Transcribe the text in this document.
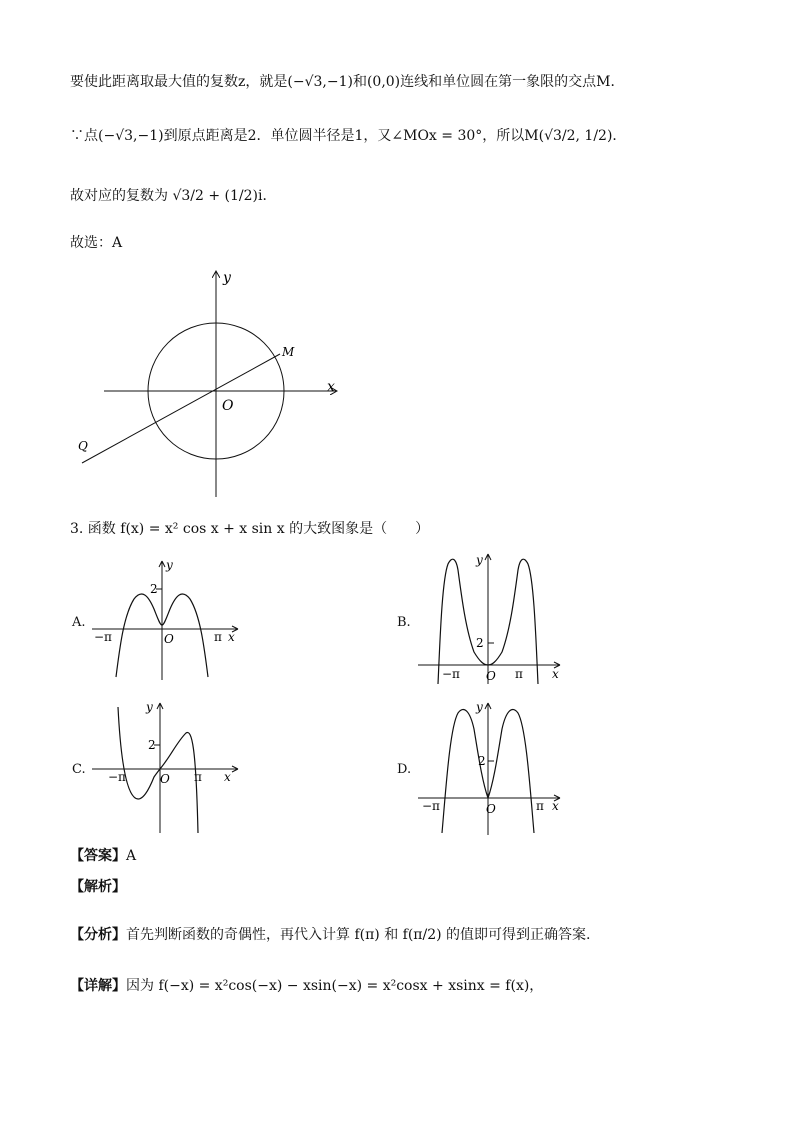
要使此距离取最大值的复数z，就是(−√3,−1)和(0,0)连线和单位圆在第一象限的交点M．
∵点(−√3,−1)到原点距离是2．单位圆半径是1，又∠MOx = 30°，所以M(√3/2, 1/2)．
故对应的复数为 √3/2 + (1/2)i．
故选：A
y
x
O
M
Q
3. 函数 f(x) = x² cos x + x sin x 的大致图象是（　　）
A.
y
2
−π	O	π x
B.
y
2
−π O π x
C.
y
2
−π	O π x	D.
y
2
−π	O	π x
【答案】A
【解析】
【分析】首先判断函数的奇偶性，再代入计算 f(π) 和 f(π/2) 的值即可得到正确答案.
【详解】因为 f(−x) = x²cos(−x) − xsin(−x) = x²cosx + xsinx = f(x)，
